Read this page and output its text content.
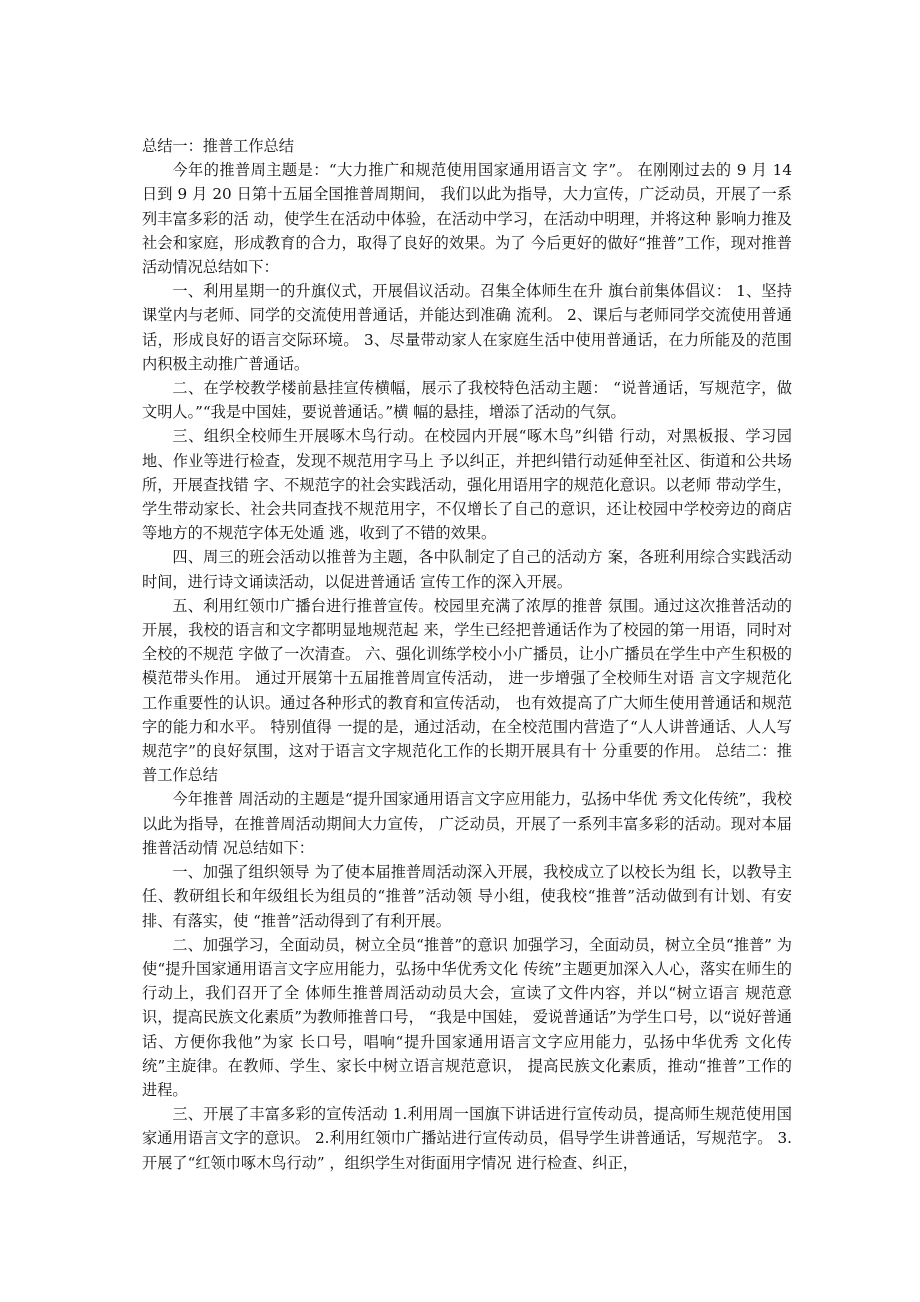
总结一：推普工作总结

今年的推普周主题是：“大力推广和规范使用国家通用语言文 字”。 在刚刚过去的 9 月 14 日到 9 月 20 日第十五届全国推普周期间， 我们以此为指导，大力宣传，广泛动员，开展了一系列丰富多彩的活 动，使学生在活动中体验，在活动中学习，在活动中明理，并将这种 影响力推及社会和家庭，形成教育的合力，取得了良好的效果。为了 今后更好的做好“推普”工作，现对推普活动情况总结如下：

一、利用星期一的升旗仪式，开展倡议活动。召集全体师生在升 旗台前集体倡议： 1、坚持课堂内与老师、同学的交流使用普通话，并能达到准确 流利。 2、课后与老师同学交流使用普通话，形成良好的语言交际环境。 3、尽量带动家人在家庭生活中使用普通话，在力所能及的范围 内积极主动推广普通话。

二、在学校教学楼前悬挂宣传横幅，展示了我校特色活动主题： “说普通话，写规范字，做文明人。”“我是中国娃，要说普通话。”横 幅的悬挂，增添了活动的气氛。

三、组织全校师生开展啄木鸟行动。在校园内开展“啄木鸟”纠错 行动，对黑板报、学习园地、作业等进行检查，发现不规范用字马上 予以纠正，并把纠错行动延伸至社区、街道和公共场所，开展查找错 字、不规范字的社会实践活动，强化用语用字的规范化意识。以老师 带动学生，学生带动家长、社会共同查找不规范用字，不仅增长了自己的意识，还让校园中学校旁边的商店等地方的不规范字体无处遁 逃，收到了不错的效果。

四、周三的班会活动以推普为主题，各中队制定了自己的活动方 案，各班利用综合实践活动时间，进行诗文诵读活动，以促进普通话 宣传工作的深入开展。

五、利用红领巾广播台进行推普宣传。校园里充满了浓厚的推普 氛围。通过这次推普活动的开展，我校的语言和文字都明显地规范起 来，学生已经把普通话作为了校园的第一用语，同时对全校的不规范 字做了一次清查。 六、强化训练学校小小广播员，让小广播员在学生中产生积极的 模范带头作用。 通过开展第十五届推普周宣传活动， 进一步增强了全校师生对语 言文字规范化工作重要性的认识。通过各种形式的教育和宣传活动， 也有效提高了广大师生使用普通话和规范字的能力和水平。 特别值得 一提的是，通过活动，在全校范围内营造了“人人讲普通话、人人写 规范字”的良好氛围，这对于语言文字规范化工作的长期开展具有十 分重要的作用。 总结二：推普工作总结

今年推普 周活动的主题是“提升国家通用语言文字应用能力，弘扬中华优 秀文化传统”，我校以此为指导，在推普周活动期间大力宣传， 广泛动员，开展了一系列丰富多彩的活动。现对本届推普活动情 况总结如下：

一、加强了组织领导 为了使本届推普周活动深入开展，我校成立了以校长为组 长，以教导主任、教研组长和年级组长为组员的“推普”活动领 导小组，使我校“推普”活动做到有计划、有安排、有落实，使 “推普”活动得到了有利开展。

二、加强学习，全面动员，树立全员“推普”的意识 加强学习，全面动员，树立全员“推普” 为使“提升国家通用语言文字应用能力，弘扬中华优秀文化 传统”主题更加深入人心，落实在师生的行动上，我们召开了全 体师生推普周活动动员大会，宣读了文件内容，并以“树立语言 规范意识，提高民族文化素质”为教师推普口号， “我是中国娃， 爱说普通话”为学生口号，以“说好普通话、方便你我他”为家 长口号，唱响“提升国家通用语言文字应用能力，弘扬中华优秀 文化传统”主旋律。在教师、学生、家长中树立语言规范意识， 提高民族文化素质，推动“推普”工作的进程。

三、开展了丰富多彩的宣传活动 1.利用周一国旗下讲话进行宣传动员，提高师生规范使用国 家通用语言文字的意识。 2.利用红领巾广播站进行宣传动员，倡导学生讲普通话，写规范字。 3.开展了“红领巾啄木鸟行动” ，组织学生对街面用字情况 进行检查、纠正，
